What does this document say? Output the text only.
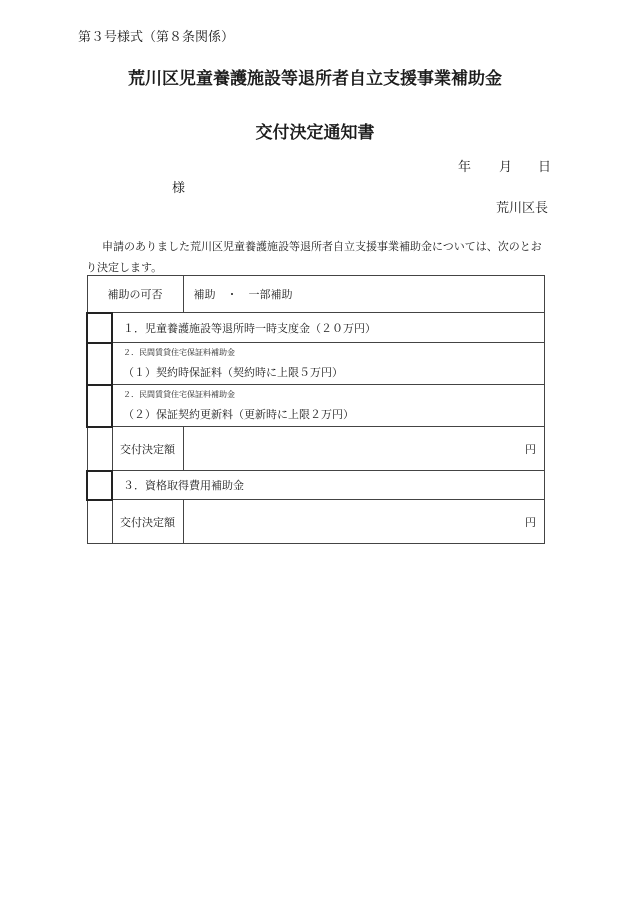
第３号様式（第８条関係）
荒川区児童養護施設等退所者自立支援事業補助金
交付決定通知書
年 月 日
様
荒川区長
申請のありました荒川区児童養護施設等退所者自立支援事業補助金については、次のとお
り決定します。
補助の可否		補助　・　一部補助
	１．児童養護施設等退所時一時支度金（２０万円）	

	２．民間賃貸住宅保証料補助金
（１）契約時保証料（契約時に上限５万円）	

	２．民間賃貸住宅保証料補助金
（２）保証契約更新料（更新時に上限２万円）	
	交付決定額	円
	３．資格取得費用補助金	
	交付決定額	円
